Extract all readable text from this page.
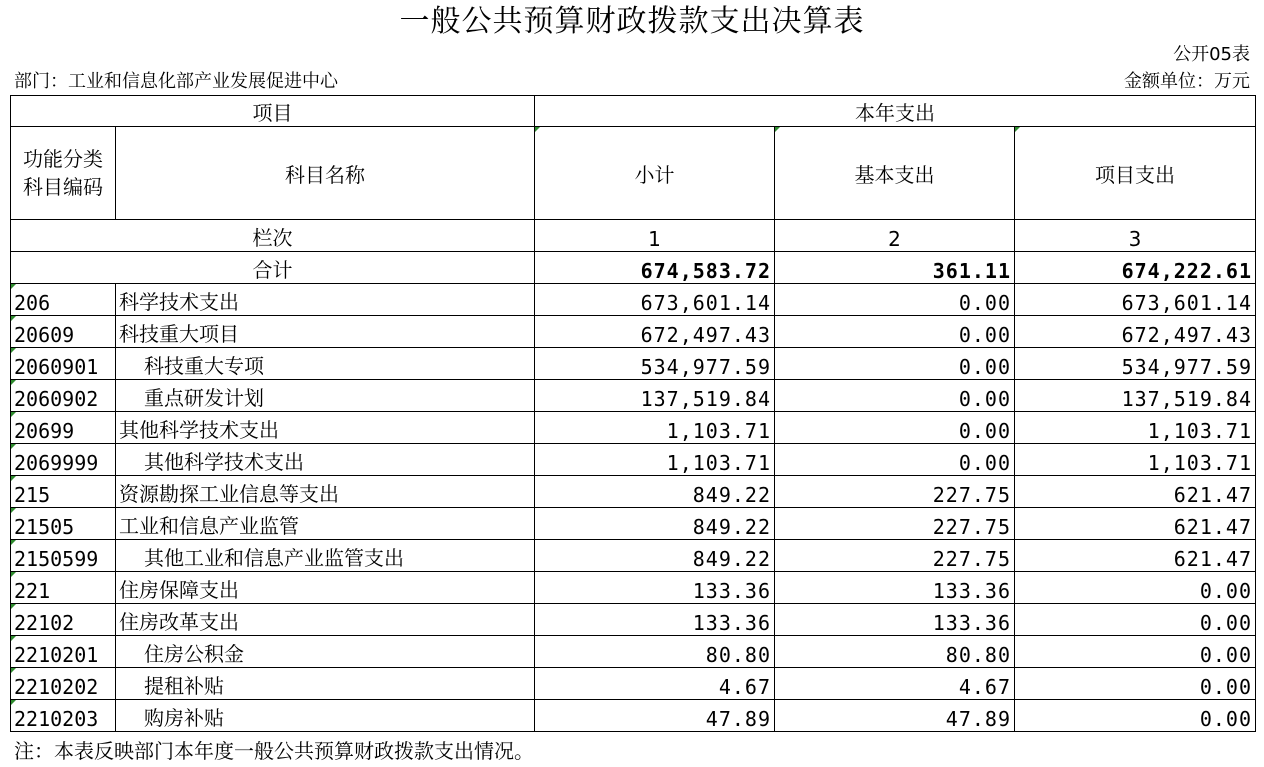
一般公共预算财政拨款支出决算表
公开05表
部门：工业和信息化部产业发展促进中心	金额单位：万元
项目		本年支出		
功能分类
科目编码	科目名称	小计	基本支出	项目支出
栏次		1	2	3
合计		674,583.72	361.11	674,222.61
206	科学技术支出	673,601.14	0.00	673,601.14
20609	科技重大项目	672,497.43	0.00	672,497.43
2060901	科技重大专项	534,977.59	0.00	534,977.59
2060902	重点研发计划	137,519.84	0.00	137,519.84
20699	其他科学技术支出	1,103.71	0.00	1,103.71
2069999	其他科学技术支出	1,103.71	0.00	1,103.71
215	资源勘探工业信息等支出	849.22	227.75	621.47
21505	工业和信息产业监管	849.22	227.75	621.47
2150599	其他工业和信息产业监管支出	849.22	227.75	621.47
221	住房保障支出	133.36	133.36	0.00
22102	住房改革支出	133.36	133.36	0.00
2210201	住房公积金	80.80	80.80	0.00
2210202	提租补贴	4.67	4.67	0.00
2210203	购房补贴	47.89	47.89	0.00
注：本表反映部门本年度一般公共预算财政拨款支出情况。
